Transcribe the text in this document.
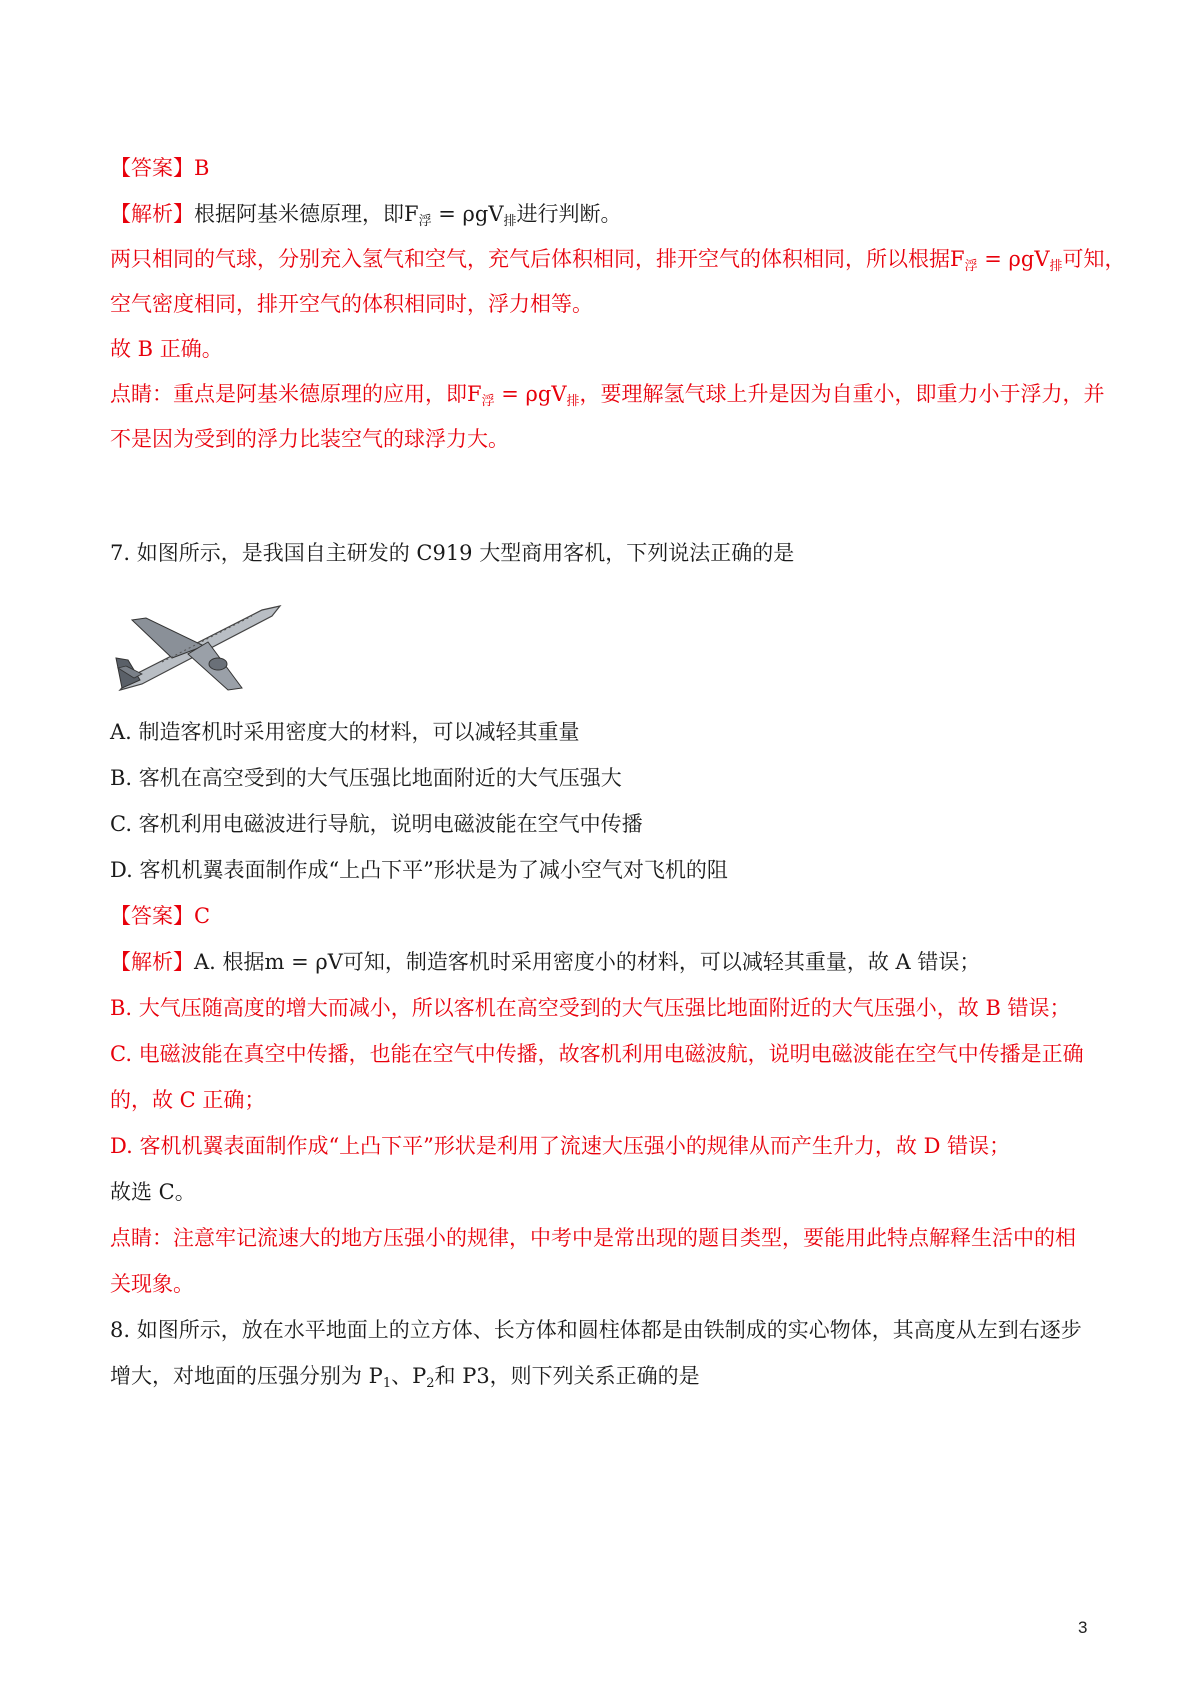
【答案】B
【解析】根据阿基米德原理，即$F_浮 = \rho gV_排$进行判断。
两只相同的气球，分别充入氢气和空气，充气后体积相同，排开空气的体积相同，所以根据$F_浮 = \rho gV_排$可知，
空气密度相同，排开空气的体积相同时，浮力相等。
故 B 正确。
点睛：重点是阿基米德原理的应用，即$F_浮 = \rho gV_排$，要理解氢气球上升是因为自重小，即重力小于浮力，并
不是因为受到的浮力比装空气的球浮力大。
7. 如图所示，是我国自主研发的 C919 大型商用客机，下列说法正确的是
A. 制造客机时采用密度大的材料，可以减轻其重量
B. 客机在高空受到的大气压强比地面附近的大气压强大
C. 客机利用电磁波进行导航，说明电磁波能在空气中传播
D. 客机机翼表面制作成“上凸下平”形状是为了减小空气对飞机的阻
【答案】C
【解析】A. 根据m = ρV可知，制造客机时采用密度小的材料，可以减轻其重量，故 A 错误；
B. 大气压随高度的增大而减小，所以客机在高空受到的大气压强比地面附近的大气压强小，故 B 错误；
C. 电磁波能在真空中传播，也能在空气中传播，故客机利用电磁波航，说明电磁波能在空气中传播是正确
的，故 C 正确；
D. 客机机翼表面制作成“上凸下平”形状是利用了流速大压强小的规律从而产生升力，故 D 错误；
故选 C。
点睛：注意牢记流速大的地方压强小的规律，中考中是常出现的题目类型，要能用此特点解释生活中的相
关现象。
8. 如图所示，放在水平地面上的立方体、长方体和圆柱体都是由铁制成的实心物体，其高度从左到右逐步
增大，对地面的压强分别为 $P_1$、$P_2$和 P3，则下列关系正确的是
3
